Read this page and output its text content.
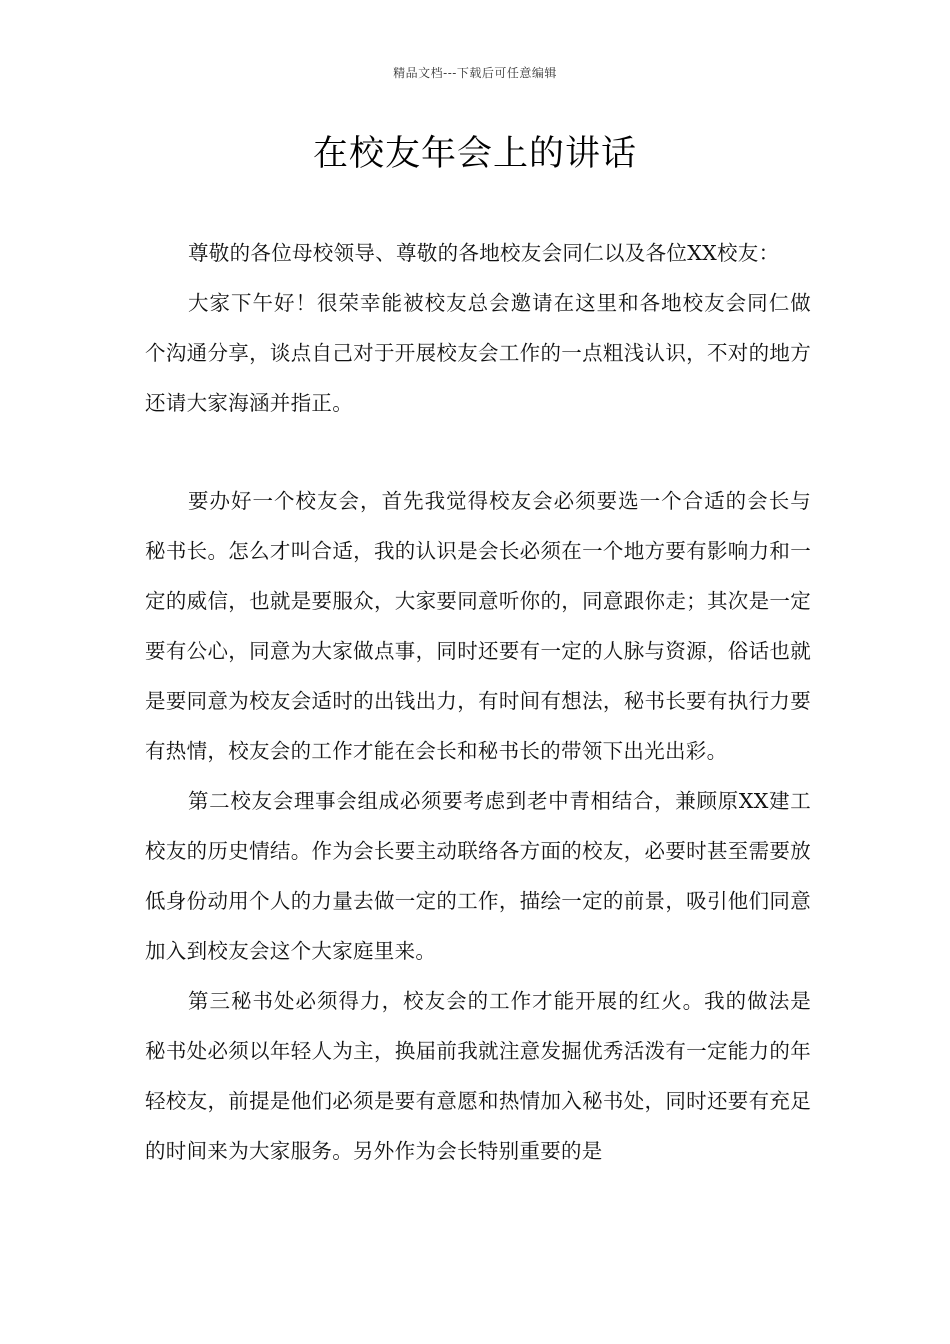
精品文档---下载后可任意编辑
在校友年会上的讲话

尊敬的各位母校领导、尊敬的各地校友会同仁以及各位XX校友：

大家下午好！很荣幸能被校友总会邀请在这里和各地校友会同仁做个沟通分享，谈点自己对于开展校友会工作的一点粗浅认识，不对的地方还请大家海涵并指正。

要办好一个校友会，首先我觉得校友会必须要选一个合适的会长与秘书长。怎么才叫合适，我的认识是会长必须在一个地方要有影响力和一定的威信，也就是要服众，大家要同意听你的，同意跟你走；其次是一定要有公心，同意为大家做点事，同时还要有一定的人脉与资源，俗话也就是要同意为校友会适时的出钱出力，有时间有想法，秘书长要有执行力要有热情，校友会的工作才能在会长和秘书长的带领下出光出彩。

第二校友会理事会组成必须要考虑到老中青相结合，兼顾原XX建工校友的历史情结。作为会长要主动联络各方面的校友，必要时甚至需要放低身份动用个人的力量去做一定的工作，描绘一定的前景，吸引他们同意加入到校友会这个大家庭里来。

第三秘书处必须得力，校友会的工作才能开展的红火。我的做法是秘书处必须以年轻人为主，换届前我就注意发掘优秀活泼有一定能力的年轻校友，前提是他们必须是要有意愿和热情加入秘书处，同时还要有充足的时间来为大家服务。另外作为会长特别重要的是
